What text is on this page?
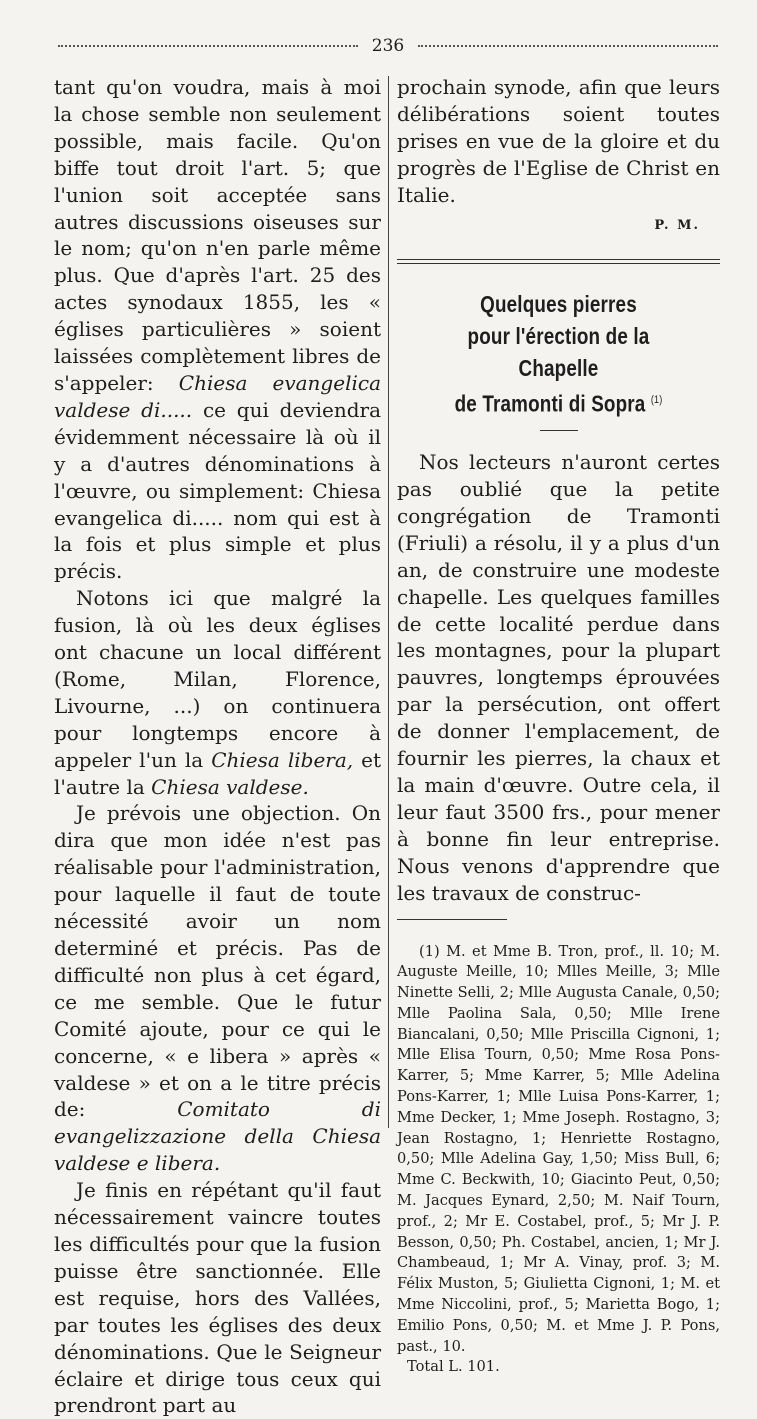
236

tant qu'on voudra, mais à moi la chose semble non seulement possible, mais facile. Qu'on biffe tout droit l'art. 5; que l'union soit acceptée sans autres discussions oiseuses sur le nom; qu'on n'en parle même plus. Que d'après l'art. 25 des actes synodaux 1855, les « églises particulières » soient laissées complètement libres de s'appeler: Chiesa evangelica valdese di..... ce qui deviendra évidemment nécessaire là où il y a d'autres dénominations à l'œuvre, ou simplement: Chiesa evangelica di..... nom qui est à la fois et plus simple et plus précis.

Notons ici que malgré la fusion, là où les deux églises ont chacune un local différent (Rome, Milan, Florence, Livourne, ...) on continuera pour longtemps encore à appeler l'un la Chiesa libera, et l'autre la Chiesa valdese.

Je prévois une objection. On dira que mon idée n'est pas réalisable pour l'administration, pour laquelle il faut de toute nécessité avoir un nom determiné et précis. Pas de difficulté non plus à cet égard, ce me semble. Que le futur Comité ajoute, pour ce qui le concerne, « e libera » après « valdese » et on a le titre précis de:	Comitato di evangelizzazione della Chiesa valdese e libera.

Je finis en répétant qu'il faut nécessairement vaincre toutes les difficultés pour que la fusion puisse être sanctionnée. Elle est requise, hors des Vallées, par toutes les églises des deux dénominations. Que le Seigneur éclaire et dirige tous ceux qui prendront part au

prochain synode, afin que leurs délibérations soient toutes prises en vue de la gloire et du progrès de l'Eglise de Christ en Italie.

P. M.

Quelques pierres
pour l'érection de la Chapelle
de Tramonti di Sopra $^{(1)}$

Nos lecteurs n'auront certes pas oublié que la petite congrégation de Tramonti (Friuli) a résolu, il y a plus d'un an, de construire une modeste chapelle. Les quelques familles de cette localité perdue dans les montagnes, pour la plupart pauvres, longtemps éprouvées par la persécution, ont offert de donner l'emplacement, de fournir les pierres, la chaux et la main d'œuvre. Outre cela, il leur faut 3500 frs., pour mener à bonne fin leur entreprise. Nous venons d'apprendre que les travaux de construc-

(1) M. et Mme B. Tron, prof., ll. 10; M. Auguste Meille, 10; Mlles Meille, 3; Mlle Ninette Selli, 2; Mlle Augusta Canale, 0,50; Mlle Paolina Sala, 0,50; Mlle Irene Biancalani, 0,50; Mlle Priscilla Cignoni, 1; Mlle Elisa Tourn, 0,50; Mme Rosa Pons-Karrer, 5; Mme Karrer, 5; Mlle Adelina Pons-Karrer, 1; Mlle Luisa Pons-Karrer, 1; Mme Decker, 1; Mme Joseph. Rostagno, 3; Jean Rostagno, 1; Henriette Rostagno, 0,50; Mlle Adelina Gay, 1,50; Miss Bull, 6; Mme C. Beckwith, 10; Giacinto Peut, 0,50; M. Jacques Eynard, 2,50; M. Naif Tourn, prof., 2; Mr E. Costabel, prof., 5; Mr J. P. Besson, 0,50; Ph. Costabel, ancien, 1; Mr J. Chambeaud, 1; Mr A. Vinay, prof. 3; M. Félix Muston, 5; Giulietta Cignoni, 1; M. et Mme Niccolini, prof., 5; Marietta Bogo, 1; Emilio Pons, 0,50; M. et Mme J. P. Pons, past., 10.

Total L. 101.
